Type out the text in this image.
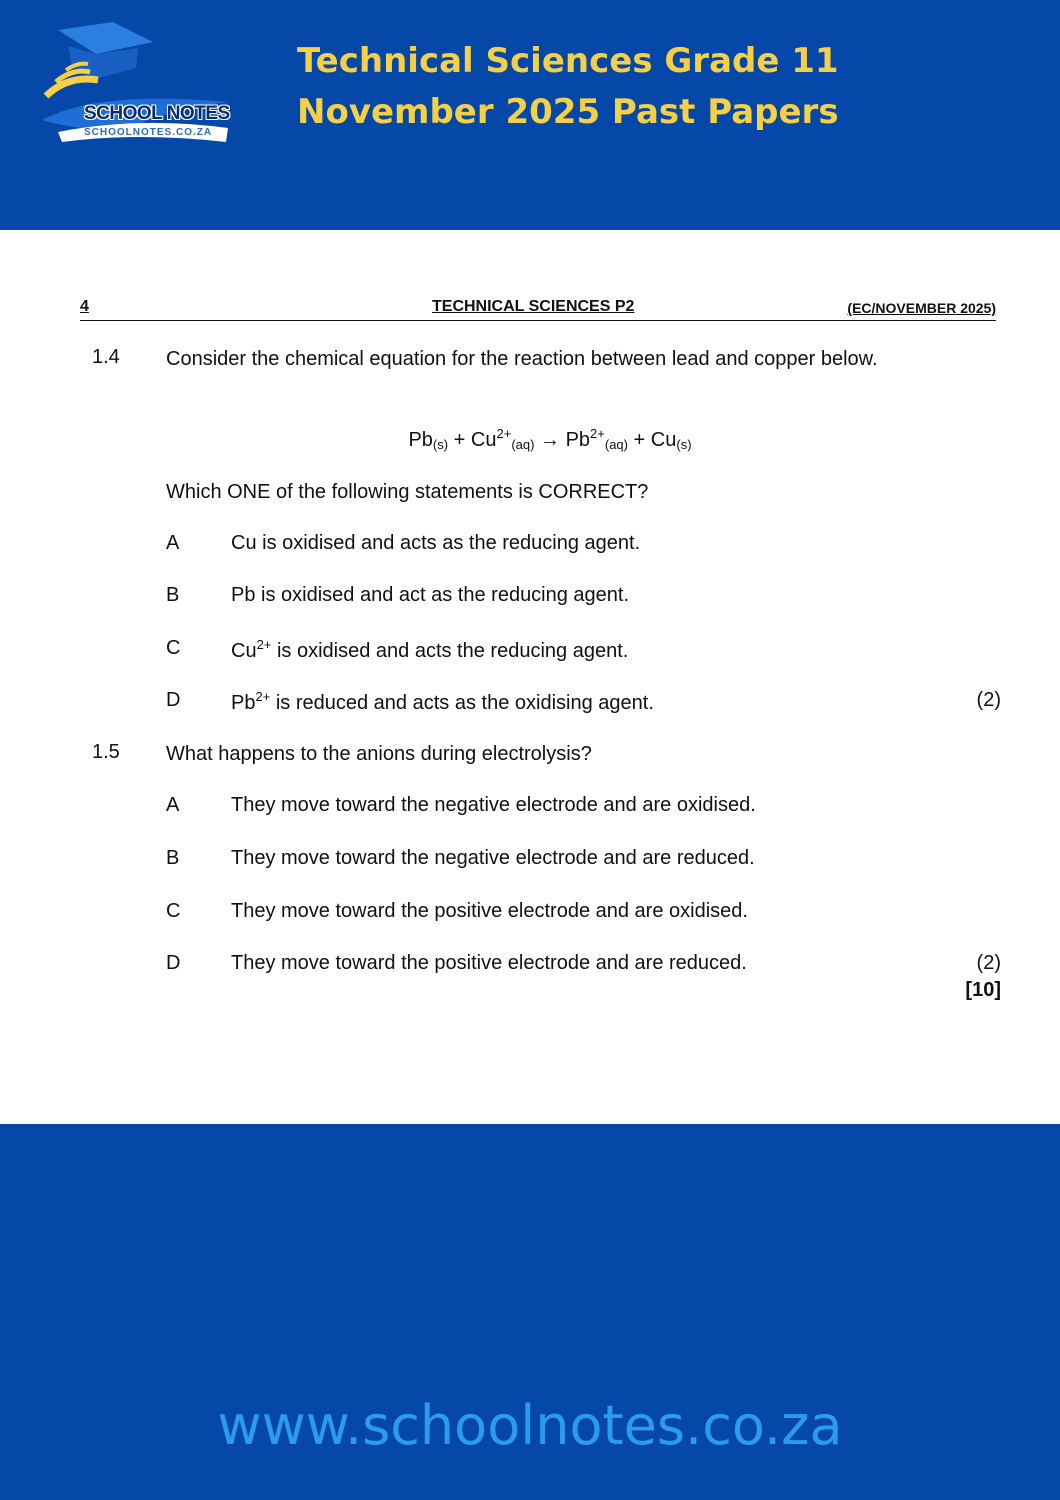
SCHOOL NOTES
SCHOOLNOTES.CO.ZA
Technical Sciences Grade 11
November 2025 Past Papers
4	TECHNICAL SCIENCES P2	(EC/NOVEMBER 2025)
1.4 Consider the chemical equation for the reaction between lead and copper below.
$Pb_{(s)} + Cu^{2+}_{(aq)} \to Pb^{2+}_{(aq)} + Cu_{(s)}$
Which ONE of the following statements is CORRECT?
A	Cu is oxidised and acts as the reducing agent.
B	Pb is oxidised and act as the reducing agent.
C	$Cu^{2+}$ is oxidised and acts the reducing agent.
D	$Pb^{2+}$ is reduced and acts as the oxidising agent.	(2)
1.5 What happens to the anions during electrolysis?
A	They move toward the negative electrode and are oxidised.
B	They move toward the negative electrode and are reduced.
C	They move toward the positive electrode and are oxidised.
D	They move toward the positive electrode and are reduced.	(2)
[10]
www.schoolnotes.co.za
